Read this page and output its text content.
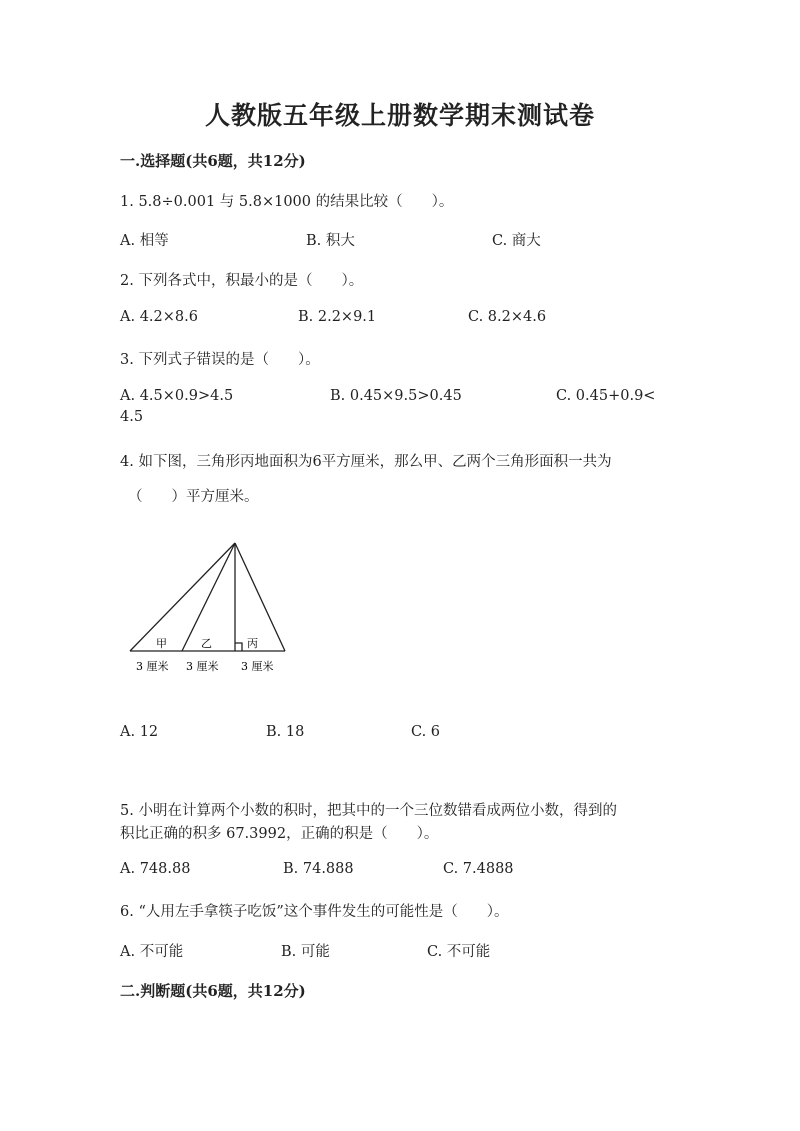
人教版五年级上册数学期末测试卷
一.选择题(共6题，共12分)
1. 5.8÷0.001 与 5.8×1000 的结果比较（　　）。
A. 相等	B. 积大	C. 商大
2. 下列各式中，积最小的是（　　）。
A. 4.2×8.6	B. 2.2×9.1	C. 8.2×4.6
3. 下列式子错误的是（　　）。
A. 4.5×0.9>4.5	B. 0.45×9.5>0.45	C. 0.45+0.9<
4.5
4. 如下图，三角形丙地面积为6平方厘米，那么甲、乙两个三角形面积一共为
（　　）平方厘米。
甲	乙	丙
3 厘米 3 厘米 3 厘米
A. 12	B. 18	C. 6
5. 小明在计算两个小数的积时，把其中的一个三位数错看成两位小数，得到的
积比正确的积多 67.3992，正确的积是（　　）。
A. 748.88	B. 74.888	C. 7.4888
6. “人用左手拿筷子吃饭”这个事件发生的可能性是（　　）。
A. 不可能	B. 可能	C. 不可能
二.判断题(共6题，共12分)
